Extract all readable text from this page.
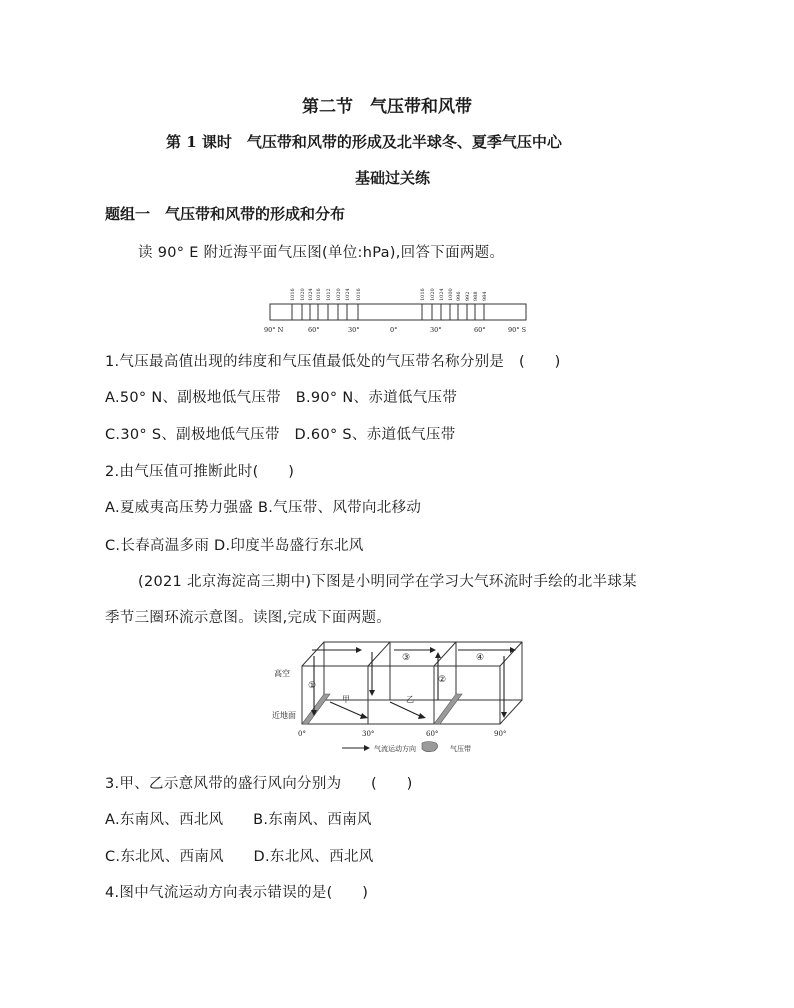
第二节　气压带和风带
第 1 课时　气压带和风带的形成及北半球冬、夏季气压中心
基础过关练
题组一　气压带和风带的形成和分布
读 90° E 附近海平面气压图(单位:hPa),回答下面两题。
1016 1020 1024 1016 1012 1020 1024 1016	1016 1020 1024 1000 996 992 988 984
90° N	60°	30°	0°	30°	60°	90° S
1.气压最高值出现的纬度和气压值最低处的气压带名称分别是　(　　)
A.50° N、副极地低气压带　B.90° N、赤道低气压带
C.30° S、副极地低气压带　D.60° S、赤道低气压带
2.由气压值可推断此时(　　)
A.夏威夷高压势力强盛 B.气压带、风带向北移动
C.长春高温多雨 D.印度半岛盛行东北风
(2021 北京海淀高三期中)下图是小明同学在学习大气环流时手绘的北半球某
季节三圈环流示意图。读图,完成下面两题。
高空
近地面
①
②
③	④
甲	乙
0°	30°	60°	90°
气流运动方向	气压带
3.甲、乙示意风带的盛行风向分别为　　(　　)
A.东南风、西北风　　B.东南风、西南风
C.东北风、西南风　　D.东北风、西北风
4.图中气流运动方向表示错误的是(　　)
